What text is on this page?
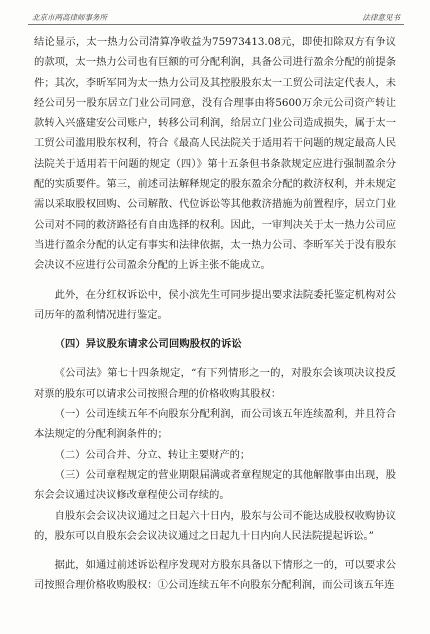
北京市两高律师事务所	法律意见书

结论显示，太一热力公司清算净收益为75973413.08元，即使扣除双方有争议的款项，太一热力公司也有巨额的可分配利润，具备公司进行盈余分配的前提条件；其次，李昕军同为太一热力公司及其控股股东太一工贸公司法定代表人，未经公司另一股东居立门业公司同意，没有合理事由将5600万余元公司资产转让款转入兴盛建安公司账户，转移公司利润，给居立门业公司造成损失，属于太一工贸公司滥用股东权利，符合《最高人民法院关于适用若干问题的规定最高人民法院关于适用若干问题的规定（四）》第十五条但书条款规定应进行强制盈余分配的实质要件。第三，前述司法解释规定的股东盈余分配的救济权利，并未规定需以采取股权回购、公司解散、代位诉讼等其他救济措施为前置程序，居立门业公司对不同的救济路径有自由选择的权利。因此，一审判决关于太一热力公司应当进行盈余分配的认定有事实和法律依据，太一热力公司、李昕军关于没有股东会决议不应进行公司盈余分配的上诉主张不能成立。

此外，在分红权诉讼中，侯小滨先生可同步提出要求法院委托鉴定机构对公司历年的盈利情况进行鉴定。

（四）异议股东请求公司回购股权的诉讼

《公司法》第七十四条规定，“有下列情形之一的，对股东会该项决议投反对票的股东可以请求公司按照合理的价格收购其股权：

（一）公司连续五年不向股东分配利润，而公司该五年连续盈利，并且符合本法规定的分配利润条件的；

（二）公司合并、分立、转让主要财产的；

（三）公司章程规定的营业期限届满或者章程规定的其他解散事由出现，股东会会议通过决议修改章程使公司存续的。

自股东会会议决议通过之日起六十日内，股东与公司不能达成股权收购协议的，股东可以自股东会会议决议通过之日起九十日内向人民法院提起诉讼。”

据此，如通过前述诉讼程序发现对方股东具备以下情形之一的，可以要求公司按照合理价格收购股权：①公司连续五年不向股东分配利润，而公司该五年连
